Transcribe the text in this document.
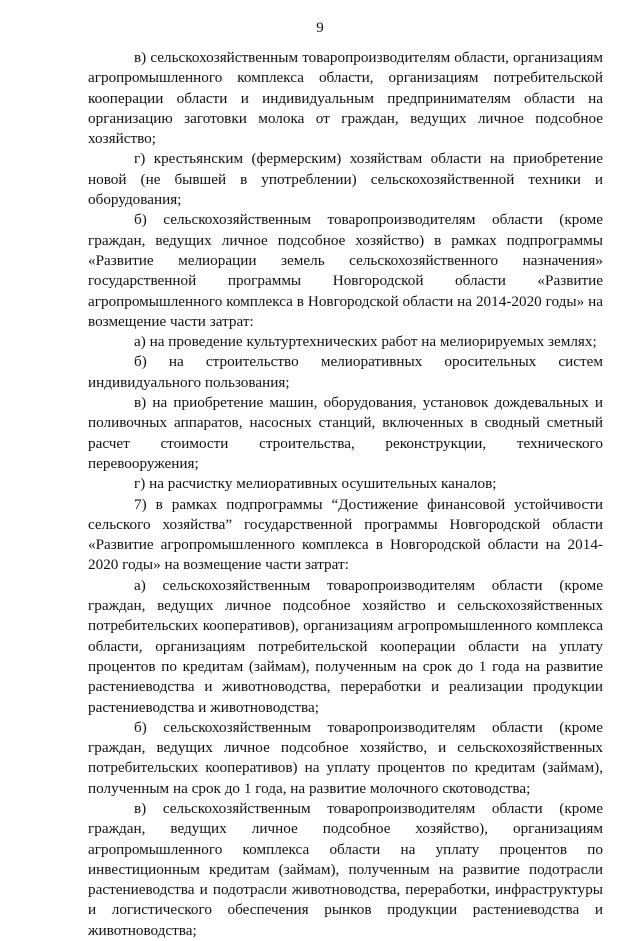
9

в) сельскохозяйственным товаропроизводителям области, организациям агропромышленного комплекса области, организациям потребительской кооперации области и индивидуальным предпринимателям области на организацию заготовки молока от граждан, ведущих личное подсобное хозяйство;

г) крестьянским (фермерским) хозяйствам области на приобретение новой (не бывшей в употреблении) сельскохозяйственной техники и оборудования;

б) сельскохозяйственным товаропроизводителям области (кроме граждан, ведущих личное подсобное хозяйство) в рамках подпрограммы «Развитие мелиорации земель сельскохозяйственного назначения» государственной программы Новгородской области «Развитие агропромышленного комплекса в Новгородской области на 2014-2020 годы» на возмещение части затрат:

а) на проведение культуртехнических работ на мелиорируемых землях;

б) на строительство мелиоративных оросительных систем индивидуального пользования;

в) на приобретение машин, оборудования, установок дождевальных и поливочных аппаратов, насосных станций, включенных в сводный сметный расчет стоимости строительства, реконструкции, технического перевооружения;

г) на расчистку мелиоративных осушительных каналов;

7) в рамках подпрограммы “Достижение финансовой устойчивости сельского хозяйства” государственной программы Новгородской области «Развитие агропромышленного комплекса в Новгородской области на 2014-2020 годы» на возмещение части затрат:

а) сельскохозяйственным товаропроизводителям области (кроме граждан, ведущих личное подсобное хозяйство и сельскохозяйственных потребительских кооперативов), организациям агропромышленного комплекса области, организациям потребительской кооперации области на уплату процентов по кредитам (займам), полученным на срок до 1 года на развитие растениеводства и животноводства, переработки и реализации продукции растениеводства и животноводства;

б) сельскохозяйственным товаропроизводителям области (кроме граждан, ведущих личное подсобное хозяйство, и сельскохозяйственных потребительских кооперативов) на уплату процентов по кредитам (займам), полученным на срок до 1 года, на развитие молочного скотоводства;

в) сельскохозяйственным товаропроизводителям области (кроме граждан, ведущих личное подсобное хозяйство), организациям агропромышленного комплекса области на уплату процентов по инвестиционным кредитам (займам), полученным на развитие подотрасли растениеводства и подотрасли животноводства, переработки, инфраструктуры и логистического обеспечения рынков продукции растениеводства и животноводства;
